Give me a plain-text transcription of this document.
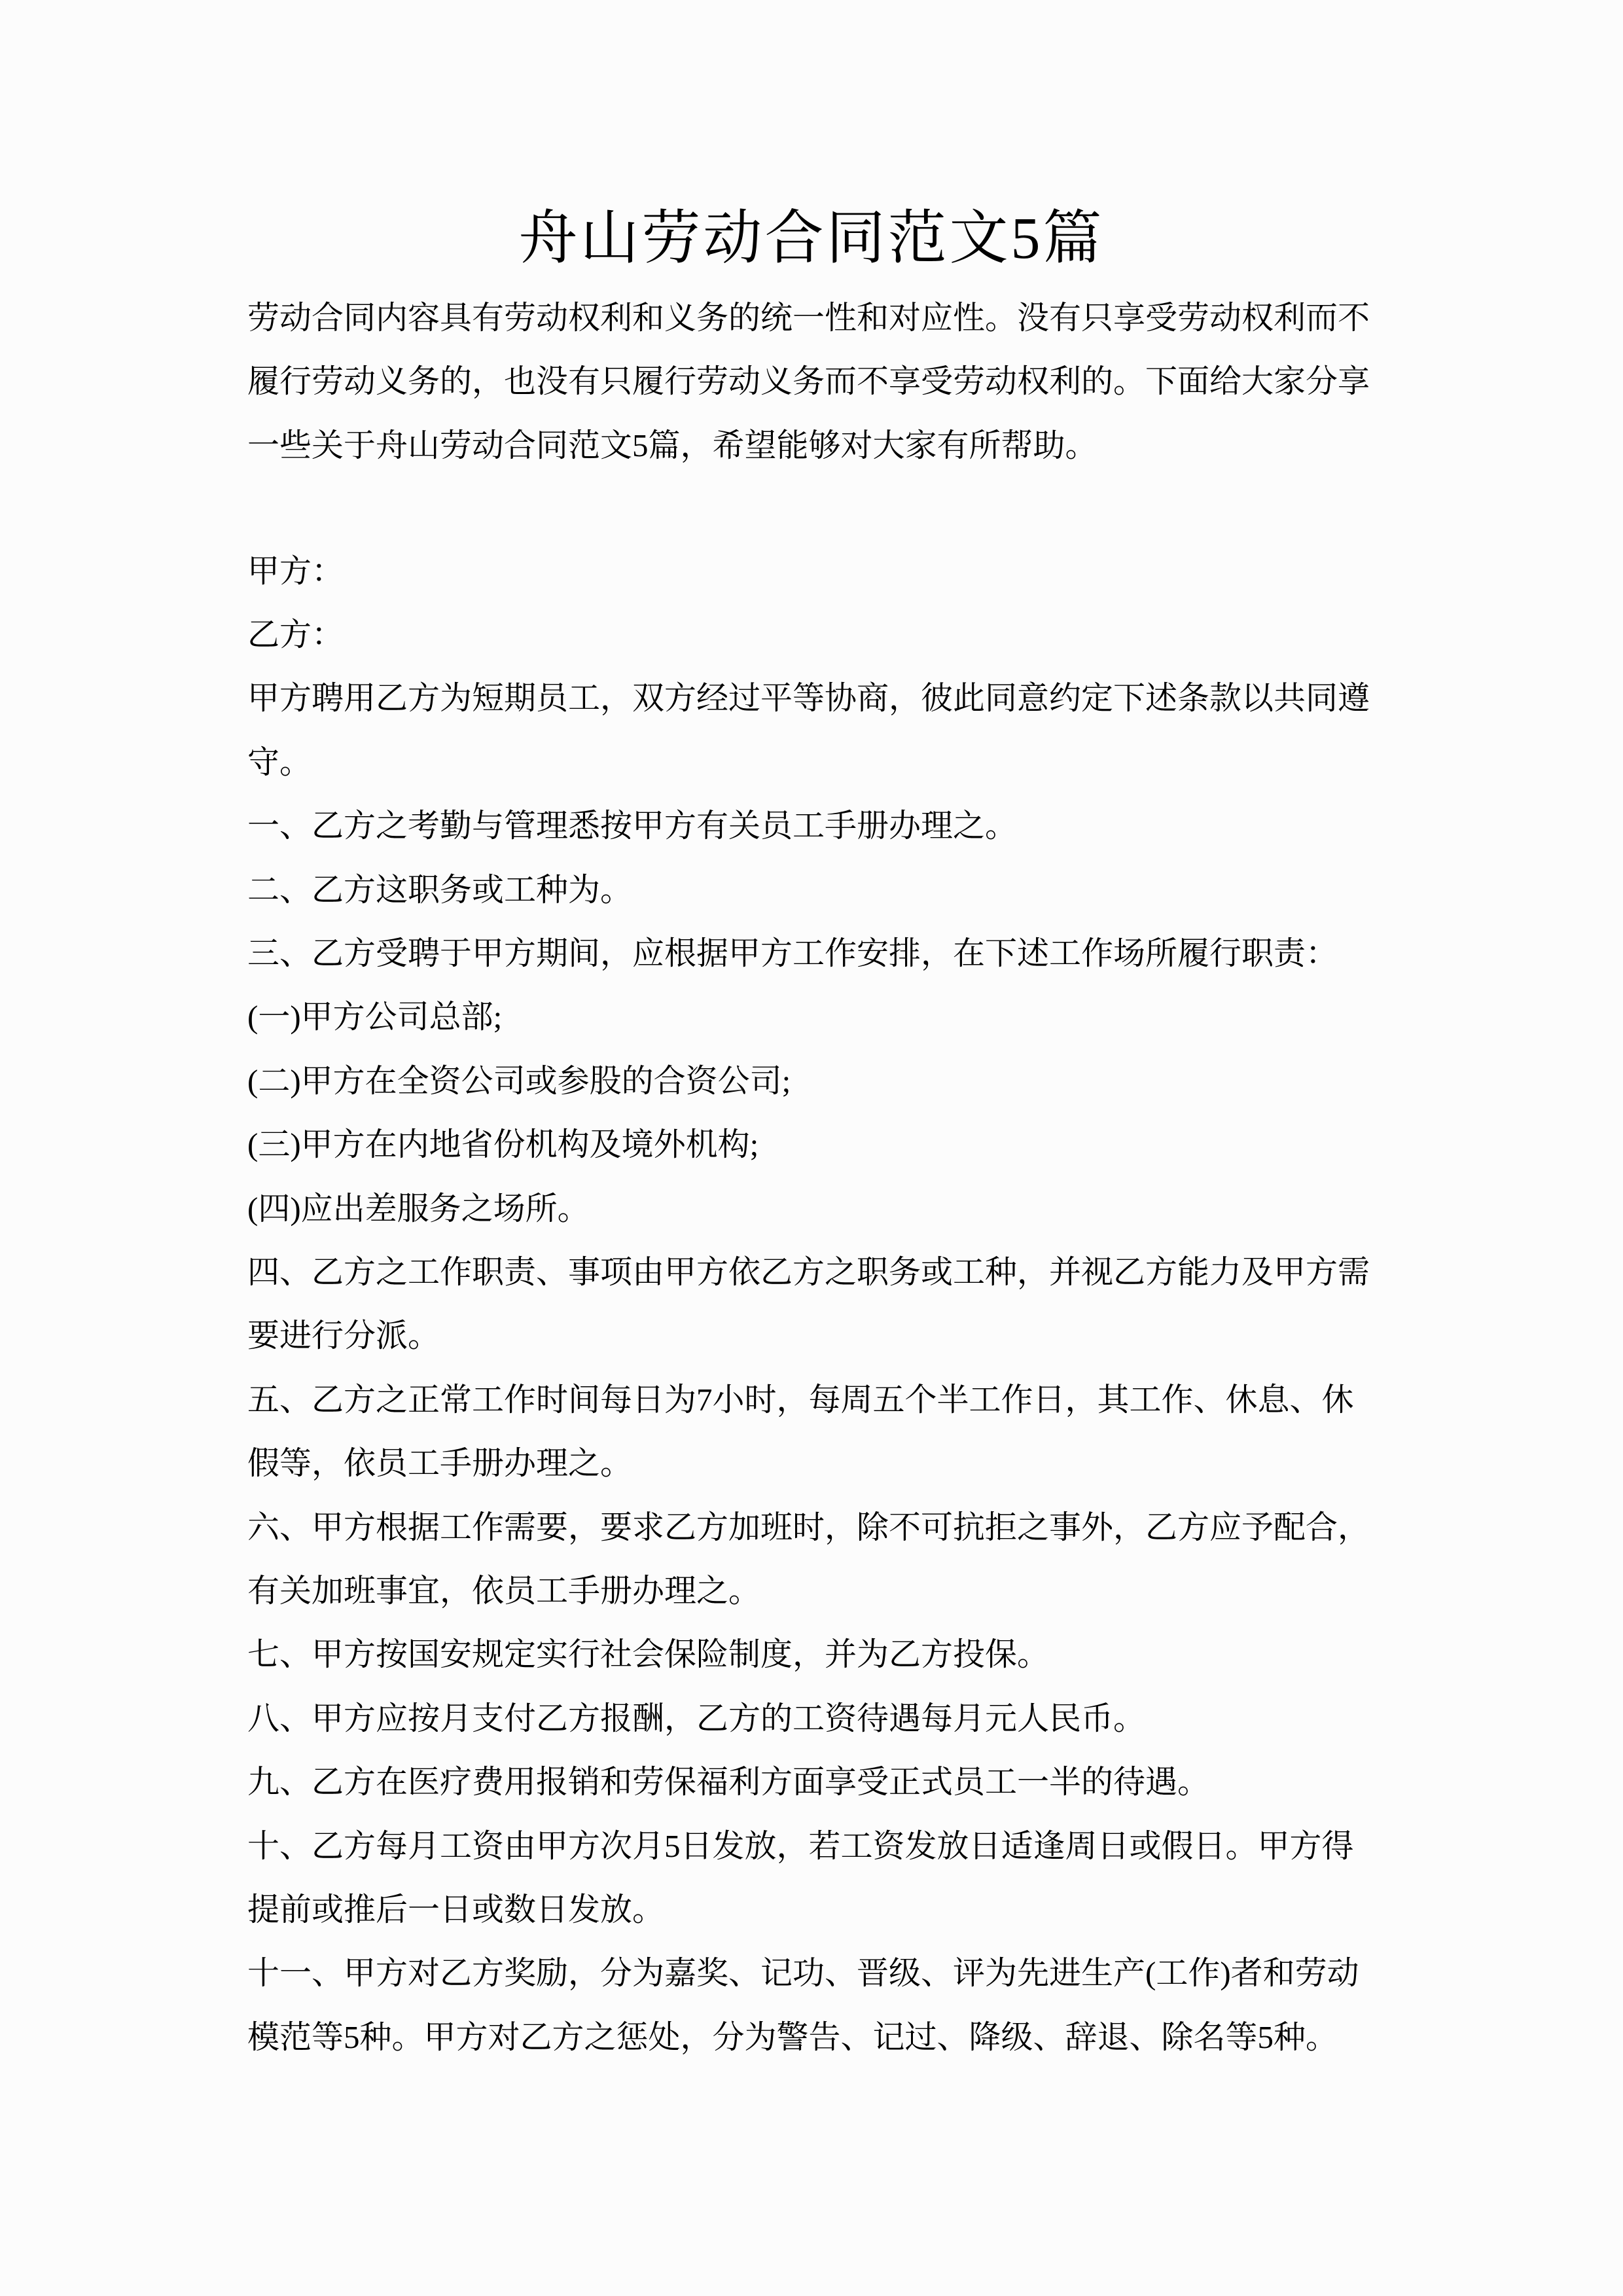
舟山劳动合同范文5篇

劳动合同内容具有劳动权利和义务的统一性和对应性。没有只享受劳动权利而不

履行劳动义务的，也没有只履行劳动义务而不享受劳动权利的。下面给大家分享

一些关于舟山劳动合同范文5篇，希望能够对大家有所帮助。

甲方：

乙方：

甲方聘用乙方为短期员工，双方经过平等协商，彼此同意约定下述条款以共同遵

守。

一、乙方之考勤与管理悉按甲方有关员工手册办理之。

二、乙方这职务或工种为。

三、乙方受聘于甲方期间，应根据甲方工作安排，在下述工作场所履行职责：

(一)甲方公司总部;

(二)甲方在全资公司或参股的合资公司;

(三)甲方在内地省份机构及境外机构;

(四)应出差服务之场所。

四、乙方之工作职责、事项由甲方依乙方之职务或工种，并视乙方能力及甲方需

要进行分派。

五、乙方之正常工作时间每日为7小时，每周五个半工作日，其工作、休息、休

假等，依员工手册办理之。

六、甲方根据工作需要，要求乙方加班时，除不可抗拒之事外，乙方应予配合，

有关加班事宜，依员工手册办理之。

七、甲方按国安规定实行社会保险制度，并为乙方投保。

八、甲方应按月支付乙方报酬，乙方的工资待遇每月元人民币。

九、乙方在医疗费用报销和劳保福利方面享受正式员工一半的待遇。

十、乙方每月工资由甲方次月5日发放，若工资发放日适逢周日或假日。甲方得

提前或推后一日或数日发放。

十一、甲方对乙方奖励，分为嘉奖、记功、晋级、评为先进生产(工作)者和劳动

模范等5种。甲方对乙方之惩处，分为警告、记过、降级、辞退、除名等5种。
